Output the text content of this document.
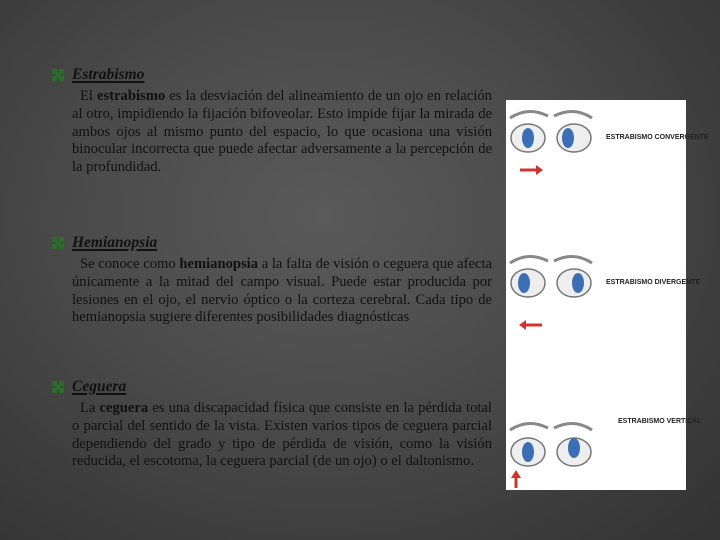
Estrabismo
El estrabismo es la desviación del alineamiento de un ojo en relación al otro, impidiendo la fijación bifoveolar. Esto impide fijar la mirada de ambos ojos al mismo punto del espacio, lo que ocasiona una visión binocular incorrecta que puede afectar adversamente a la percepción de la profundidad.
Hemianopsia
Se conoce como hemianopsia a la falta de visión o ceguera que afecta únicamente a la mitad del campo visual. Puede estar producida por lesiones en el ojo, el nervio óptico o la corteza cerebral. Cada tipo de hemianopsia sugiere diferentes posibilidades diagnósticas
Ceguera
La ceguera es una discapacidad física que consiste en la pérdida total o parcial del sentido de la vista. Existen varios tipos de ceguera parcial dependiendo del grado y tipo de pérdida de visión, como la visión reducida, el escotoma, la ceguera parcial (de un ojo) o el daltonismo.
ESTRABISMO CONVERGENTE
ESTRABISMO DIVERGENTE
ESTRABISMO VERTICAL
